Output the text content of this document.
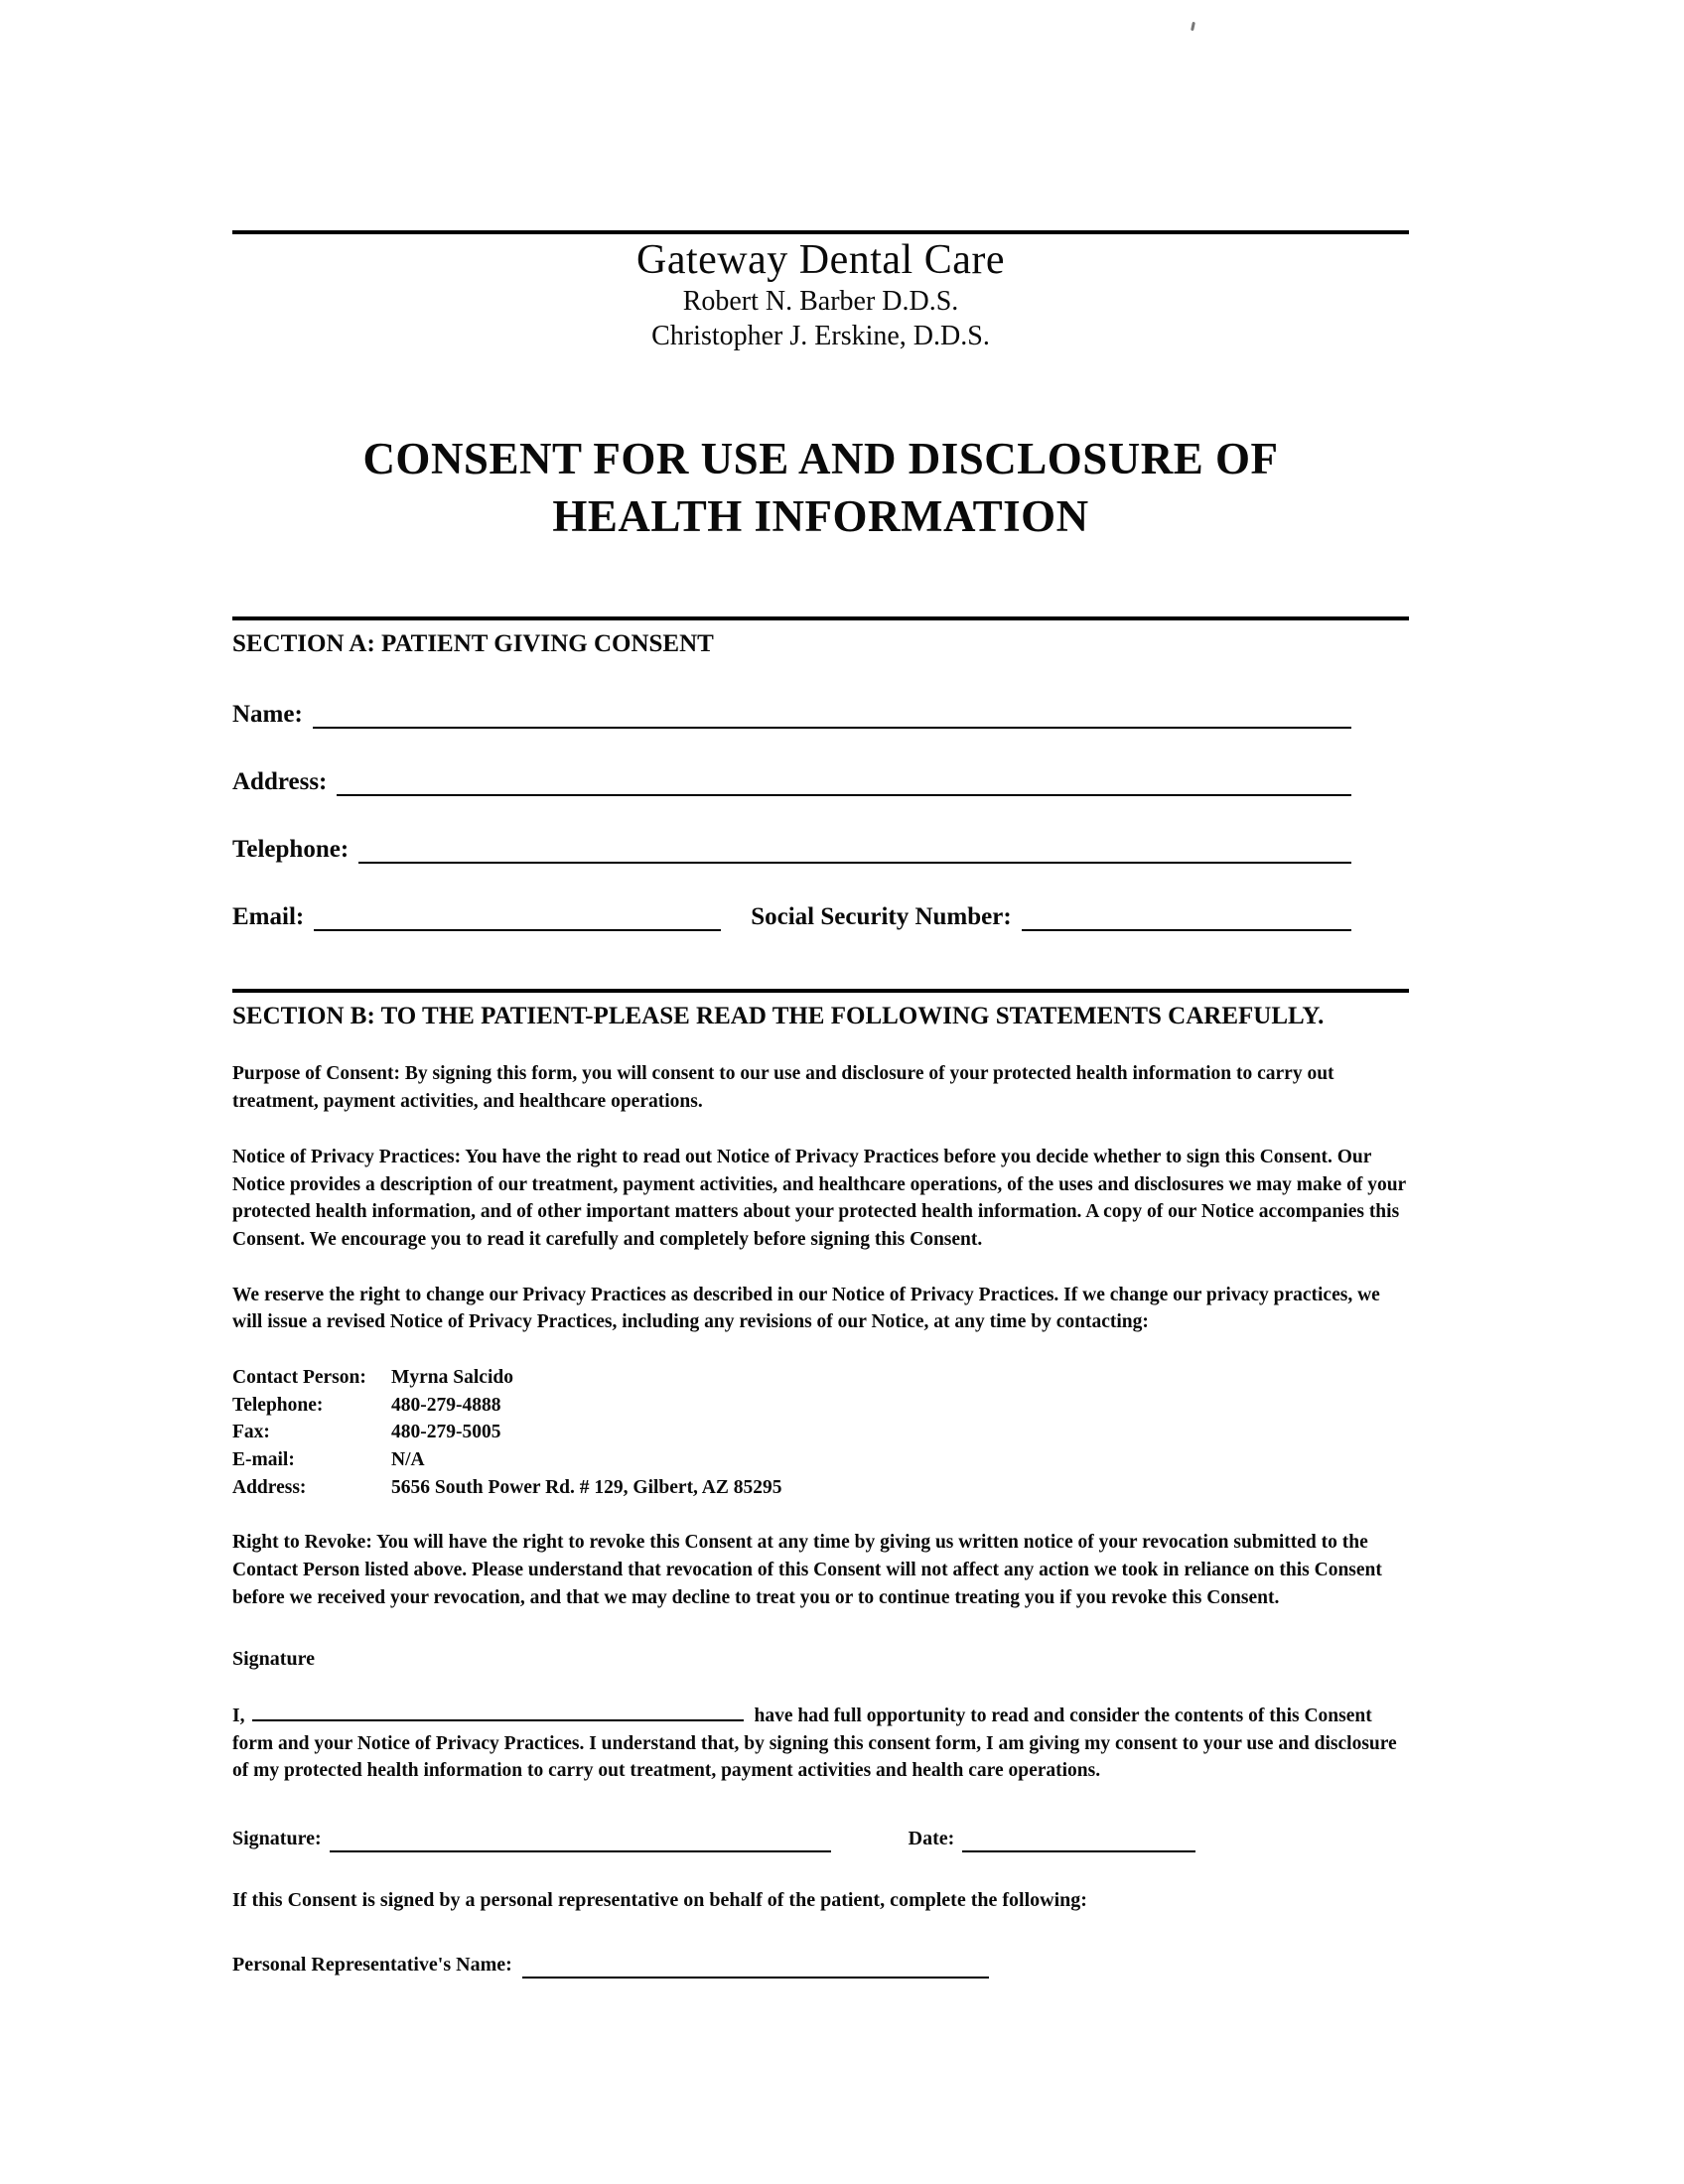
Gateway Dental Care
Robert N. Barber D.D.S.
Christopher J. Erskine, D.D.S.
CONSENT FOR USE AND DISCLOSURE OF HEALTH INFORMATION
SECTION A: PATIENT GIVING CONSENT
Name:
Address:
Telephone:
Email:	Social Security Number:
SECTION B: TO THE PATIENT-PLEASE READ THE FOLLOWING STATEMENTS CAREFULLY.
Purpose of Consent: By signing this form, you will consent to our use and disclosure of your protected health information to carry out treatment, payment activities, and healthcare operations.
Notice of Privacy Practices: You have the right to read out Notice of Privacy Practices before you decide whether to sign this Consent. Our Notice provides a description of our treatment, payment activities, and healthcare operations, of the uses and disclosures we may make of your protected health information, and of other important matters about your protected health information. A copy of our Notice accompanies this Consent. We encourage you to read it carefully and completely before signing this Consent.
We reserve the right to change our Privacy Practices as described in our Notice of Privacy Practices. If we change our privacy practices, we will issue a revised Notice of Privacy Practices, including any revisions of our Notice, at any time by contacting:
Contact Person:	Myrna Salcido
Telephone:	480-279-4888
Fax:	480-279-5005
E-mail:	N/A
Address:	5656 South Power Rd. # 129, Gilbert, AZ 85295
Right to Revoke: You will have the right to revoke this Consent at any time by giving us written notice of your revocation submitted to the Contact Person listed above. Please understand that revocation of this Consent will not affect any action we took in reliance on this Consent before we received your revocation, and that we may decline to treat you or to continue treating you if you revoke this Consent.
Signature
I,	have had full opportunity to read and consider the contents of this Consent form and your Notice of Privacy Practices. I understand that, by signing this consent form, I am giving my consent to your use and disclosure of my protected health information to carry out treatment, payment activities and health care operations.
Signature:	Date:
If this Consent is signed by a personal representative on behalf of the patient, complete the following:
Personal Representative's Name:
